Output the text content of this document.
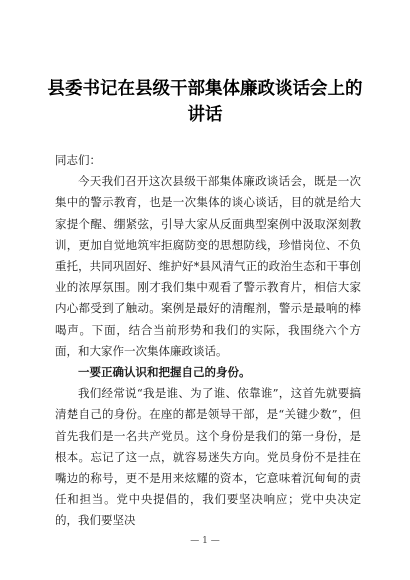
县委书记在县级干部集体廉政谈话会上的讲话

同志们：

今天我们召开这次县级干部集体廉政谈话会，既是一次集中的警示教育，也是一次集体的谈心谈话，目的就是给大家提个醒、绷紧弦，引导大家从反面典型案例中汲取深刻教训，更加自觉地筑牢拒腐防变的思想防线，珍惜岗位、不负重托，共同巩固好、维护好*县风清气正的政治生态和干事创业的浓厚氛围。刚才我们集中观看了警示教育片，相信大家内心都受到了触动。案例是最好的清醒剂，警示是最响的棒喝声。下面，结合当前形势和我们的实际，我围绕六个方面，和大家作一次集体廉政谈话。

一要正确认识和把握自己的身份。

我们经常说“我是谁、为了谁、依靠谁”，这首先就要搞清楚自己的身份。在座的都是领导干部，是“关键少数”，但首先我们是一名共产党员。这个身份是我们的第一身份，是根本。忘记了这一点，就容易迷失方向。党员身份不是挂在嘴边的称号，更不是用来炫耀的资本，它意味着沉甸甸的责任和担当。党中央提倡的，我们要坚决响应；党中央决定的，我们要坚决

— 1 —
